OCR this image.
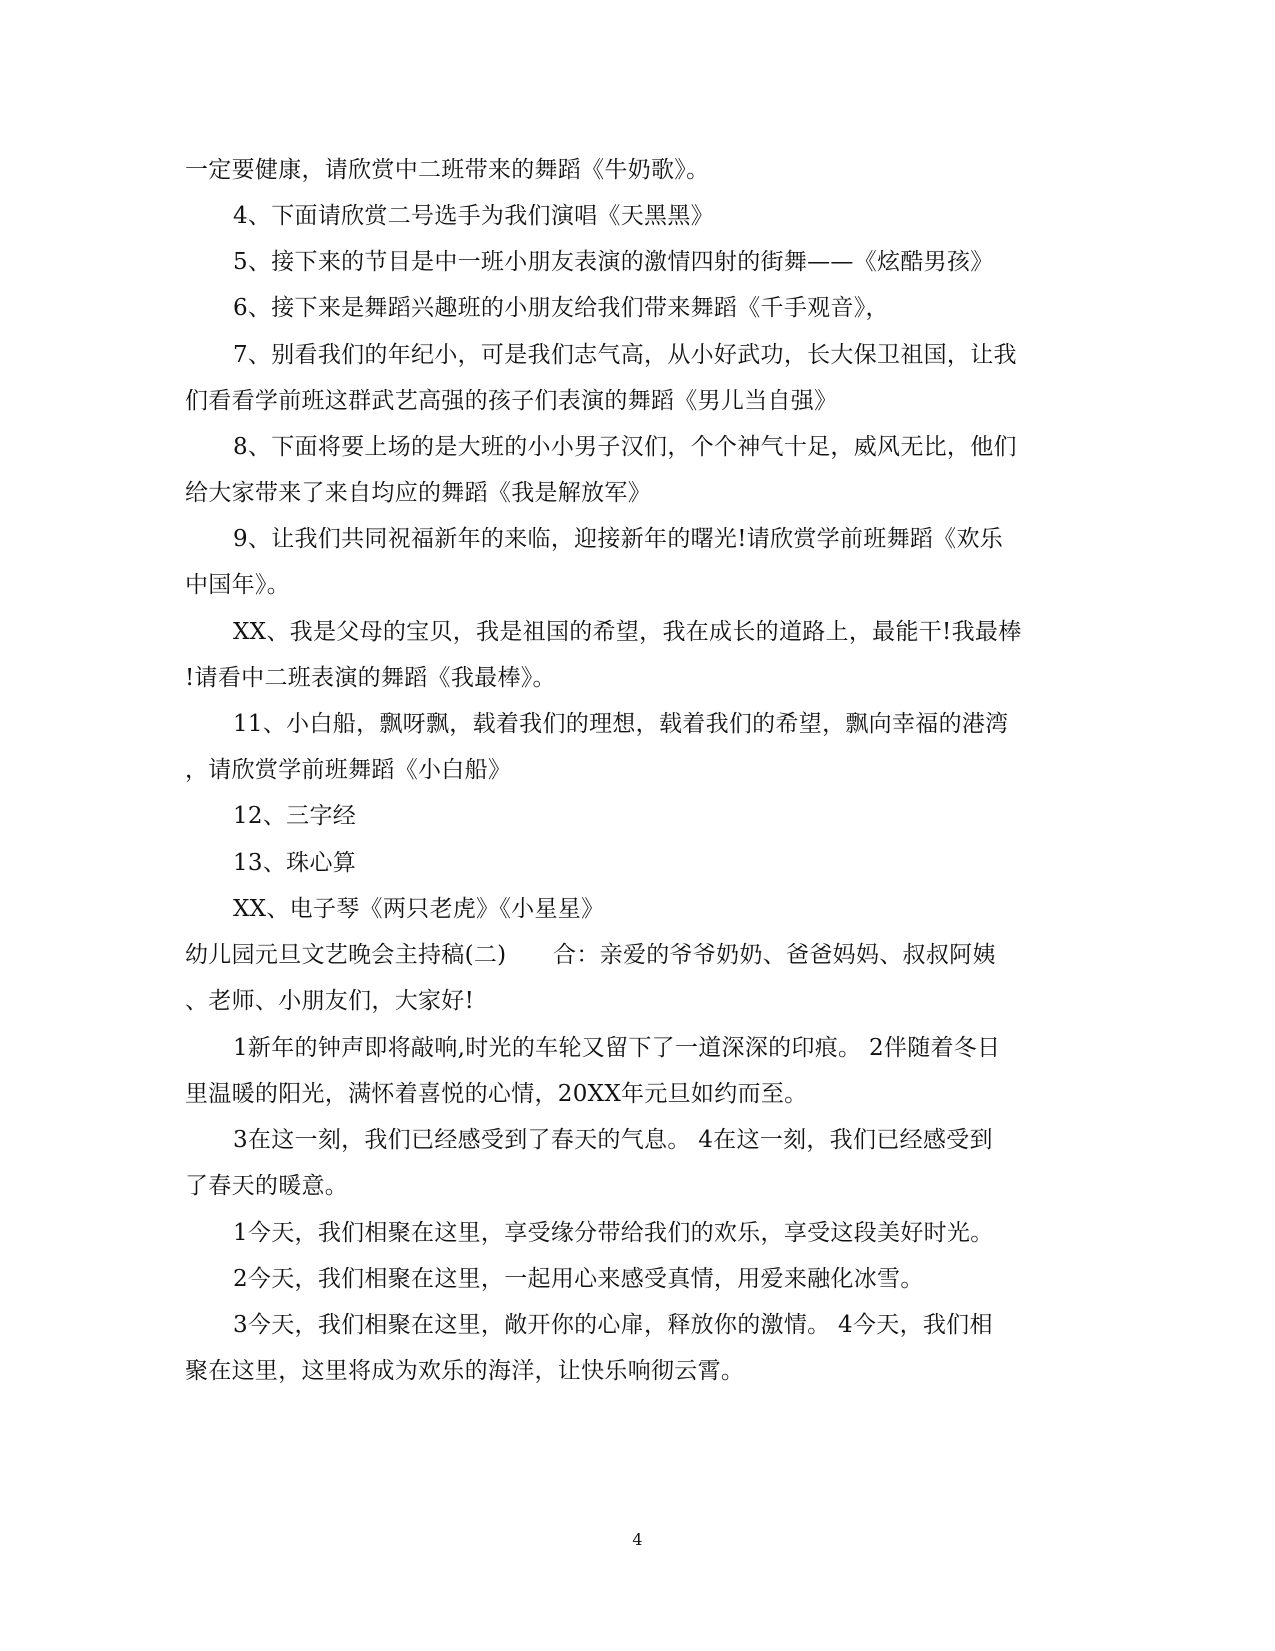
一定要健康，请欣赏中二班带来的舞蹈《牛奶歌》。
4、下面请欣赏二号选手为我们演唱《天黑黑》
5、接下来的节目是中一班小朋友表演的激情四射的街舞——《炫酷男孩》
6、接下来是舞蹈兴趣班的小朋友给我们带来舞蹈《千手观音》，
7、别看我们的年纪小，可是我们志气高，从小好武功，长大保卫祖国，让我
们看看学前班这群武艺高强的孩子们表演的舞蹈《男儿当自强》
8、下面将要上场的是大班的小小男子汉们，个个神气十足，威风无比，他们
给大家带来了来自均应的舞蹈《我是解放军》
9、让我们共同祝福新年的来临，迎接新年的曙光!请欣赏学前班舞蹈《欢乐
中国年》。
XX、我是父母的宝贝，我是祖国的希望，我在成长的道路上，最能干!我最棒
!请看中二班表演的舞蹈《我最棒》。
11、小白船，飘呀飘，载着我们的理想，载着我们的希望，飘向幸福的港湾
，请欣赏学前班舞蹈《小白船》
12、三字经
13、珠心算
XX、电子琴《两只老虎》《小星星》
幼儿园元旦文艺晚会主持稿(二)　　合：亲爱的爷爷奶奶、爸爸妈妈、叔叔阿姨
、老师、小朋友们，大家好!
1新年的钟声即将敲响,时光的车轮又留下了一道深深的印痕。 2伴随着冬日
里温暖的阳光，满怀着喜悦的心情，20XX年元旦如约而至。
3在这一刻，我们已经感受到了春天的气息。 4在这一刻，我们已经感受到
了春天的暖意。
1今天，我们相聚在这里，享受缘分带给我们的欢乐，享受这段美好时光。
2今天，我们相聚在这里，一起用心来感受真情，用爱来融化冰雪。
3今天，我们相聚在这里，敞开你的心扉，释放你的激情。 4今天，我们相
聚在这里，这里将成为欢乐的海洋，让快乐响彻云霄。
4
